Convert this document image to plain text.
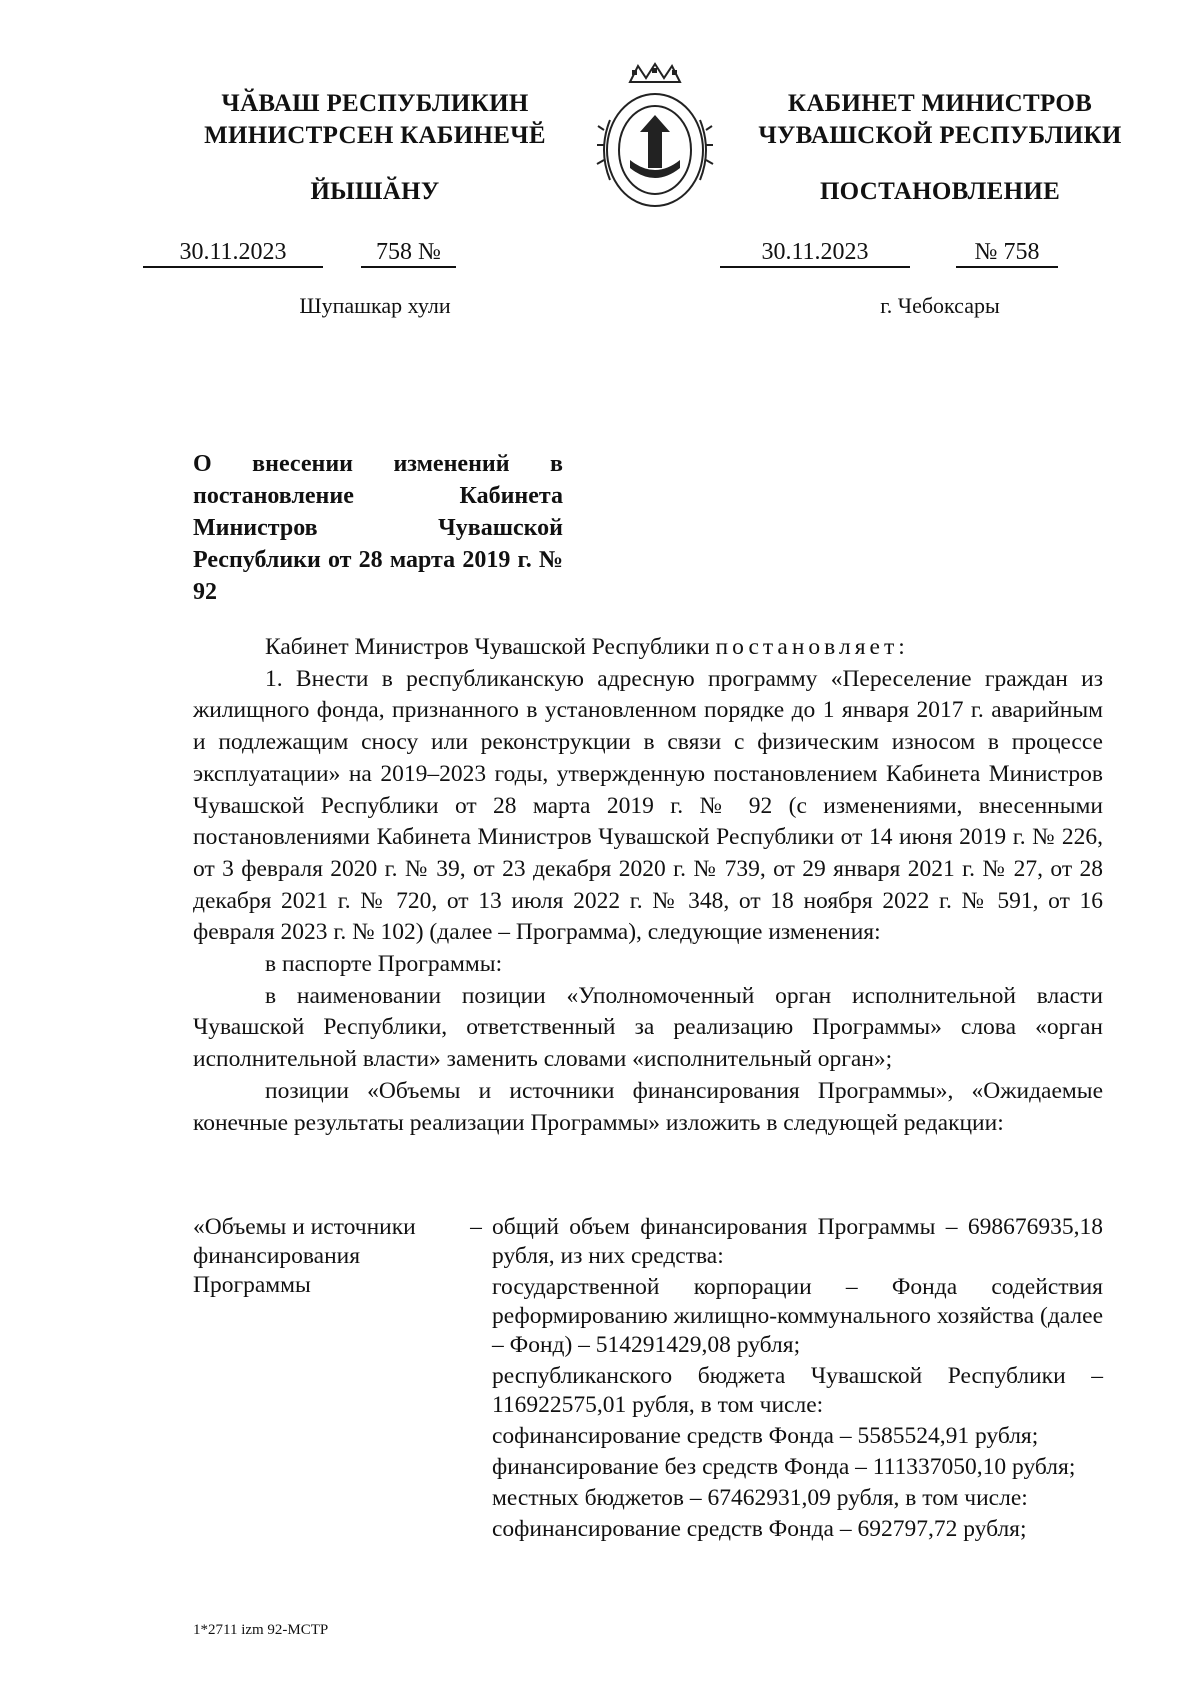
ЧӐВАШ РЕСПУБЛИКИН
МИНИСТРСЕН КАБИНЕЧӖ
ЙЫШӐНУ
КАБИНЕТ МИНИСТРОВ
ЧУВАШСКОЙ РЕСПУБЛИКИ
ПОСТАНОВЛЕНИЕ
30.11.2023	758 №	30.11.2023	№ 758
Шупашкар хули	г. Чебоксары
О внесении изменений в постановление Кабинета Министров Чувашской Республики от 28 марта 2019 г. № 92

Кабинет Министров Чувашской Республики постановляет:

1. Внести в республиканскую адресную программу «Переселение граждан из жилищного фонда, признанного в установленном порядке до 1 января 2017 г. аварийным и подлежащим сносу или реконструкции в связи с физическим износом в процессе эксплуатации» на 2019–2023 годы, утвержденную постановлением Кабинета Министров Чувашской Республики от 28 марта 2019 г. № 92 (с изменениями, внесенными постановлениями Кабинета Министров Чувашской Республики от 14 июня 2019 г. № 226, от 3 февраля 2020 г. № 39, от 23 декабря 2020 г. № 739, от 29 января 2021 г. № 27, от 28 декабря 2021 г. № 720, от 13 июля 2022 г. № 348, от 18 ноября 2022 г. № 591, от 16 февраля 2023 г. № 102) (далее – Программа), следующие изменения:

в паспорте Программы:

в наименовании позиции «Уполномоченный орган исполнительной власти Чувашской Республики, ответственный за реализацию Программы» слова «орган исполнительной власти» заменить словами «исполнительный орган»;

позиции «Объемы и источники финансирования Программы», «Ожидаемые конечные результаты реализации Программы» изложить в следующей редакции:

«Объемы и источники финансирования Программы
– общий объем финансирования Программы – 698676935,18 рубля, из них средства:

государственной корпорации – Фонда содействия реформированию жилищно-коммунального хозяйства (далее – Фонд) – 514291429,08 рубля;

республиканского бюджета Чувашской Республики – 116922575,01 рубля, в том числе:

софинансирование средств Фонда – 5585524,91 рубля;

финансирование без средств Фонда – 111337050,10 рубля;

местных бюджетов – 67462931,09 рубля, в том числе:

софинансирование средств Фонда – 692797,72 рубля;

1*2711 izm 92-МСТР
